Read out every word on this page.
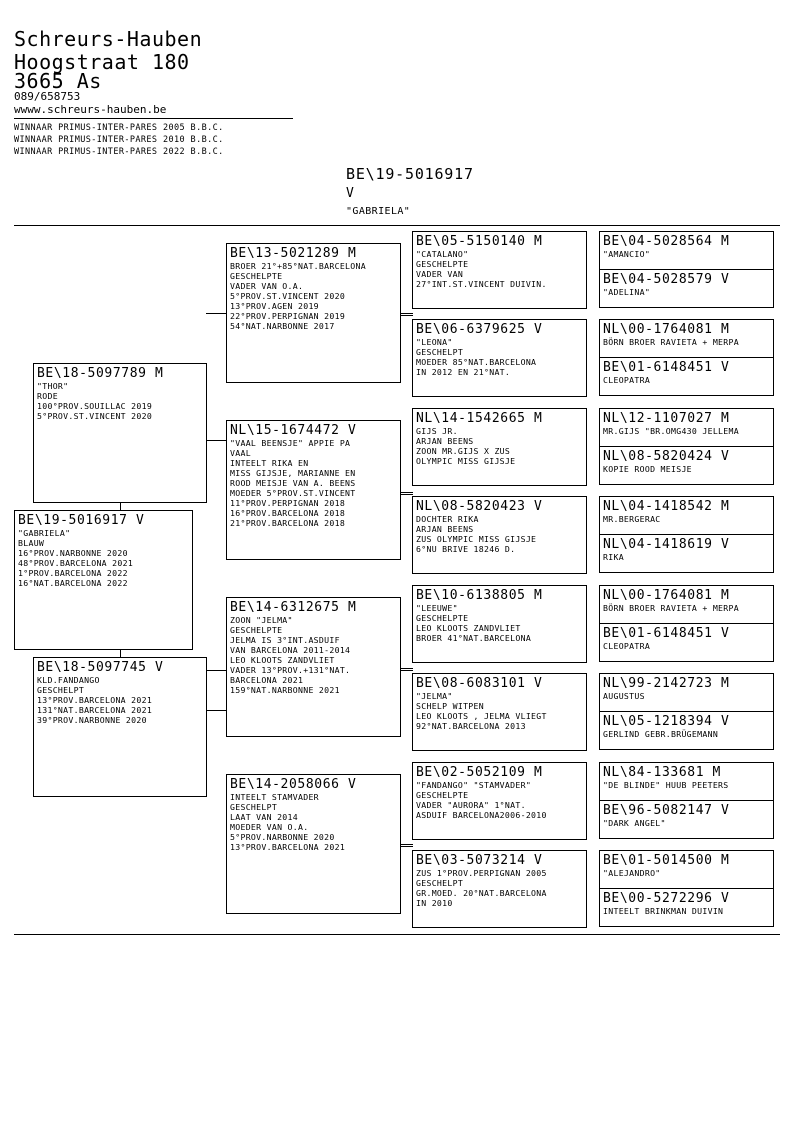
Schreurs-Hauben
Hoogstraat 180
3665 As
089/658753
wwww.schreurs-hauben.be
WINNAAR PRIMUS-INTER-PARES 2005 B.B.C.
WINNAAR PRIMUS-INTER-PARES 2010 B.B.C.
WINNAAR PRIMUS-INTER-PARES 2022 B.B.C.
BE\19-5016917
V
"GABRIELA"
BE\19-5016917 V
"GABRIELA"
BLAUW
16°PROV.NARBONNE 2020
48°PROV.BARCELONA 2021
1°PROV.BARCELONA 2022
16°NAT.BARCELONA 2022
BE\18-5097789 M
"THOR"
RODE
100°PROV.SOUILLAC 2019
5°PROV.ST.VINCENT 2020
BE\18-5097745 V
KLD.FANDANGO
GESCHELPT
13°PROV.BARCELONA 2021
131°NAT.BARCELONA 2021
39°PROV.NARBONNE 2020
BE\13-5021289 M
BROER 21°+85°NAT.BARCELONA
GESCHELPTE
VADER VAN O.A.
5°PROV.ST.VINCENT 2020
13°PROV.AGEN 2019
22°PROV.PERPIGNAN 2019
54°NAT.NARBONNE 2017
NL\15-1674472 V
"VAAL BEENSJE" APPIE PA
VAAL
INTEELT RIKA EN
MISS GIJSJE, MARIANNE EN
ROOD MEISJE VAN A. BEENS
MOEDER 5°PROV.ST.VINCENT
11°PROV.PERPIGNAN 2018
16°PROV.BARCELONA 2018
21°PROV.BARCELONA 2018
BE\14-6312675 M
ZOON "JELMA"
GESCHELPTE
JELMA IS 3°INT.ASDUIF
VAN BARCELONA 2011-2014
LEO KLOOTS ZANDVLIET
VADER 13°PROV.+131°NAT.
BARCELONA 2021
159°NAT.NARBONNE 2021
BE\14-2058066 V
INTEELT STAMVADER
GESCHELPT
LAAT VAN 2014
MOEDER VAN O.A.
5°PROV.NARBONNE 2020
13°PROV.BARCELONA 2021
BE\05-5150140 M
"CATALANO"
GESCHELPTE
VADER VAN
27°INT.ST.VINCENT DUIVIN.
BE\06-6379625 V
"LEONA"
GESCHELPT
MOEDER 85°NAT.BARCELONA
IN 2012 EN 21°NAT.
NL\14-1542665 M
GIJS JR.
ARJAN BEENS
ZOON MR.GIJS X ZUS
OLYMPIC MISS GIJSJE
NL\08-5820423 V
DOCHTER RIKA
ARJAN BEENS
ZUS OLYMPIC MISS GIJSJE
6°NU BRIVE 18246 D.
BE\10-6138805 M
"LEEUWE"
GESCHELPTE
LEO KLOOTS ZANDVLIET
BROER 41°NAT.BARCELONA
BE\08-6083101 V
"JELMA"
SCHELP WITPEN
LEO KLOOTS , JELMA VLIEGT
92°NAT.BARCELONA 2013
BE\02-5052109 M
"FANDANGO" "STAMVADER"
GESCHELPTE
VADER "AURORA" 1°NAT.
ASDUIF BARCELONA2006-2010
BE\03-5073214 V
ZUS 1°PROV.PERPIGNAN 2005
GESCHELPT
GR.MOED. 20°NAT.BARCELONA
IN 2010
BE\04-5028564 M
"AMANCIO"
BE\04-5028579 V
"ADELINA"
NL\00-1764081 M
BÖRN BROER RAVIETA + MERPA
BE\01-6148451 V
CLEOPATRA
NL\12-1107027 M
MR.GIJS "BR.OMG430 JELLEMA
NL\08-5820424 V
KOPIE ROOD MEISJE
NL\04-1418542 M
MR.BERGERAC
NL\04-1418619 V
RIKA
NL\00-1764081 M
BÖRN BROER RAVIETA + MERPA
BE\01-6148451 V
CLEOPATRA
NL\99-2142723 M
AUGUSTUS
NL\05-1218394 V
GERLIND GEBR.BRÜGEMANN
NL\84-133681 M
"DE BLINDE" HUUB PEETERS
BE\96-5082147 V
"DARK ANGEL"
BE\01-5014500 M
"ALEJANDRO"
BE\00-5272296 V
INTEELT BRINKMAN DUIVIN
